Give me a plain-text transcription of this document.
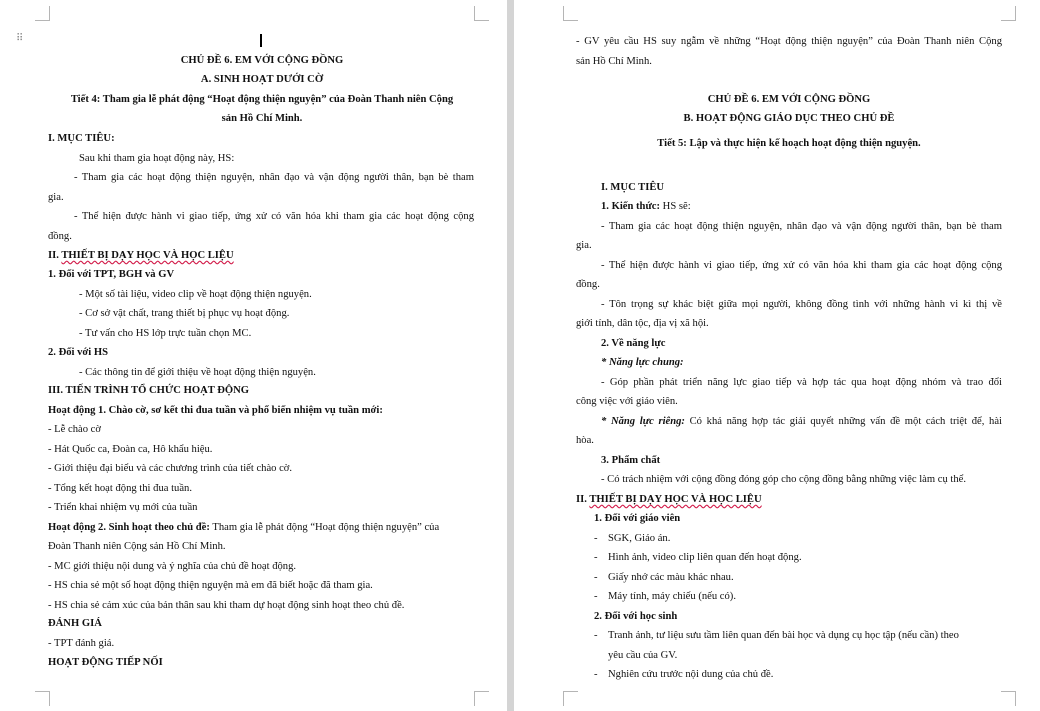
⠿
CHỦ ĐỀ 6. EM VỚI CỘNG ĐỒNG
A. SINH HOẠT DƯỚI CỜ
Tiết 4: Tham gia lễ phát động “Hoạt động thiện nguyện” của Đoàn Thanh niên Cộng
sản Hồ Chí Minh.
I. MỤC TIÊU:
Sau khi tham gia hoạt động này, HS:
- Tham gia các hoạt động thiện nguyện, nhân đạo và vận động người thân, bạn bè tham
gia.
- Thể hiện được hành vi giao tiếp, ứng xử có văn hóa khi tham gia các hoạt động cộng
đồng.
II. THIẾT BỊ DẠY HỌC VÀ HỌC LIỆU
1. Đối với TPT, BGH và GV
- Một số tài liệu, video clip về hoạt động thiện nguyện.
- Cơ sở vật chất, trang thiết bị phục vụ hoạt động.
- Tư vấn cho HS lớp trực tuần chọn MC.
2. Đối với HS
- Các thông tin để giới thiệu về hoạt động thiện nguyện.
III. TIẾN TRÌNH TỔ CHỨC HOẠT ĐỘNG
Hoạt động 1. Chào cờ, sơ kết thi đua tuần và phổ biến nhiệm vụ tuần mới:
- Lễ chào cờ
- Hát Quốc ca, Đoàn ca, Hô khẩu hiệu.
- Giới thiệu đại biểu và các chương trình của tiết chào cờ.
- Tổng kết hoạt động thi đua tuần.
- Triển khai nhiệm vụ mới của tuần
Hoạt động 2. Sinh hoạt theo chủ đề: Tham gia lễ phát động “Hoạt động thiện nguyện” của
Đoàn Thanh niên Cộng sản Hồ Chí Minh.
- MC giới thiệu nội dung và ý nghĩa của chủ đề hoạt động.
- HS chia sẻ một số hoạt động thiện nguyện mà em đã biết hoặc đã tham gia.
- HS chia sẻ cảm xúc của bản thân sau khi tham dự hoạt động sinh hoạt theo chủ đề.
ĐÁNH GIÁ
- TPT đánh giá.
HOẠT ĐỘNG TIẾP NỐI
- GV yêu cầu HS suy ngẫm về những “Hoạt động thiện nguyện” của Đoàn Thanh niên Cộng
sản Hồ Chí Minh.
CHỦ ĐỀ 6. EM VỚI CỘNG ĐỒNG
B. HOẠT ĐỘNG GIÁO DỤC THEO CHỦ ĐỀ
Tiết 5: Lập và thực hiện kế hoạch hoạt động thiện nguyện.
I. MỤC TIÊU
1. Kiến thức: HS sẽ:
- Tham gia các hoạt động thiện nguyện, nhân đạo và vận động người thân, bạn bè tham
gia.
- Thể hiện được hành vi giao tiếp, ứng xử có văn hóa khi tham gia các hoạt động cộng
đồng.
- Tôn trọng sự khác biệt giữa mọi người, không đồng tình với những hành vi kì thị về
giới tính, dân tộc, địa vị xã hội.
2. Về năng lực
* Năng lực chung:
- Góp phần phát triển năng lực giao tiếp và hợp tác qua hoạt động nhóm và trao đổi
công việc với giáo viên.
* Năng lực riêng: Có khả năng hợp tác giải quyết những vấn đề một cách triệt để, hài
hòa.
3. Phẩm chất
- Có trách nhiệm với cộng đồng đóng góp cho cộng đồng bằng những việc làm cụ thể.
II. THIẾT BỊ DẠY HỌC VÀ HỌC LIỆU
1. Đối với giáo viên
- SGK, Giáo án.
- Hình ảnh, video clip liên quan đến hoạt động.
- Giấy nhớ các màu khác nhau.
- Máy tính, máy chiếu (nếu có).
2. Đối với học sinh
- Tranh ảnh, tư liệu sưu tầm liên quan đến bài học và dụng cụ học tập (nếu cần) theo
yêu cầu của GV.
- Nghiên cứu trước nội dung của chủ đề.
